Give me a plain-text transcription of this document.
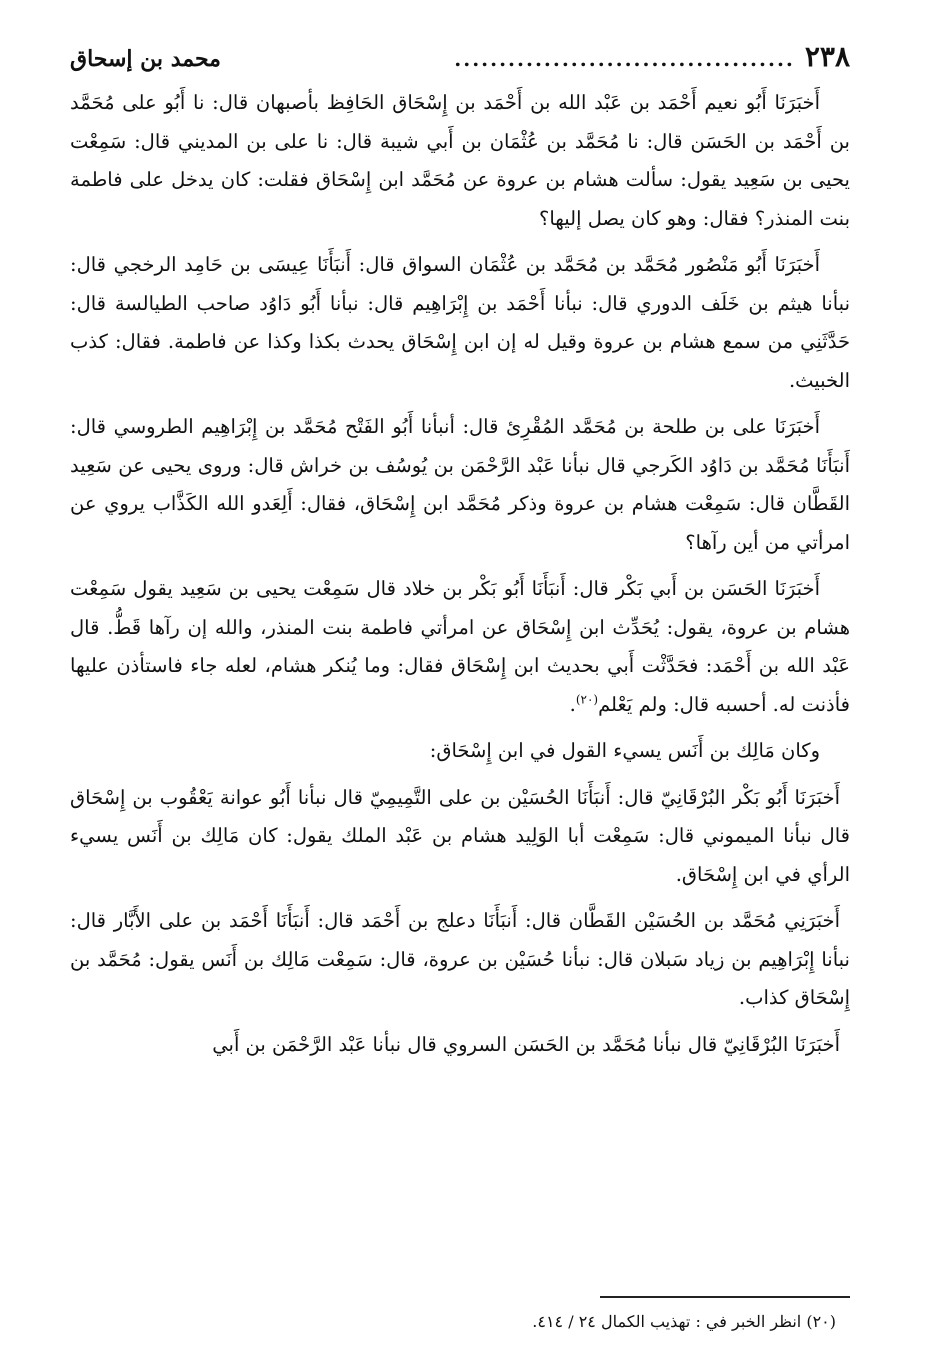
٢٣٨
......................................
محمد بن إسحاق

أَخبَرَنَا أَبُو نعيم أَحْمَد بن عَبْد الله بن أَحْمَد بن إِسْحَاق الحَافِظ بأصبهان قال: نا أَبُو على مُحَمَّد بن أَحْمَد بن الحَسَن قال: نا مُحَمَّد بن عُثْمَان بن أَبي شيبة قال: نا على بن المديني قال: سَمِعْت يحيى بن سَعِيد يقول: سألت هشام بن عروة عن مُحَمَّد ابن إِسْحَاق فقلت: كان يدخل على فاطمة بنت المنذر؟ فقال: وهو كان يصل إليها؟

أَخبَرَنَا أَبُو مَنْصُور مُحَمَّد بن مُحَمَّد بن عُثْمَان السواق قال: أَنبَأَنَا عِيسَى بن حَامِد الرخجي قال: نبأنا هيثم بن خَلَف الدوري قال: نبأنا أَحْمَد بن إِبْرَاهِيم قال: نبأنا أَبُو دَاوُد صاحب الطيالسة قال: حَدَّثَنِي من سمع هشام بن عروة وقيل له إن ابن إِسْحَاق يحدث بكذا وكذا عن فاطمة. فقال: كذب الخبيث.

أَخبَرَنَا على بن طلحة بن مُحَمَّد المُقْرِئ قال: أنبأنا أَبُو الفَتْح مُحَمَّد بن إِبْرَاهِيم الطروسي قال: أَنبَأَنَا مُحَمَّد بن دَاوُد الكَرجي قال نبأنا عَبْد الرَّحْمَن بن يُوسُف بن خراش قال: وروى يحيى عن سَعِيد القَطَّان قال: سَمِعْت هشام بن عروة وذكر مُحَمَّد ابن إِسْحَاق، فقال: أَلِعَدو الله الكَذَّاب يروي عن امرأتي من أين رآها؟

أَخبَرَنَا الحَسَن بن أَبي بَكْر قال: أَنبَأَنَا أَبُو بَكْر بن خلاد قال سَمِعْت يحيى بن سَعِيد يقول سَمِعْت هشام بن عروة، يقول: يُحَدِّث ابن إِسْحَاق عن امرأتي فاطمة بنت المنذر، والله إن رآها قَطُّ. قال عَبْد الله بن أَحْمَد: فحَدَّثْت أَبي بحديث ابن إِسْحَاق فقال: وما يُنكر هشام، لعله جاء فاستأذن عليها فأذنت له. أحسبه قال: ولم يَعْلم$^{(٢٠)}$.

وكان مَالِك بن أَنَس يسيء القول في ابن إِسْحَاق:

أَخبَرَنَا أَبُو بَكْر البُرْقَانِيّ قال: أَنبَأَنَا الحُسَيْن بن على التَّمِيمِيّ قال نبأنا أَبُو عوانة يَعْقُوب بن إِسْحَاق قال نبأنا الميموني قال: سَمِعْت أبا الوَلِيد هشام بن عَبْد الملك يقول: كان مَالِك بن أَنَس يسيء الرأي في ابن إِسْحَاق.

أَخبَرَنِي مُحَمَّد بن الحُسَيْن القَطَّان قال: أَنبَأَنَا دعلج بن أَحْمَد قال: أَنبَأَنَا أَحْمَد بن على الأَبَّار قال: نبأنا إِبْرَاهِيم بن زياد سَبلان قال: نبأنا حُسَيْن بن عروة، قال: سَمِعْت مَالِك بن أَنَس يقول: مُحَمَّد بن إِسْحَاق كذاب.

أَخبَرَنَا البُرْقَانِيّ قال نبأنا مُحَمَّد بن الحَسَن السروي قال نبأنا عَبْد الرَّحْمَن بن أَبي

(٢٠) انظر الخبر في : تهذيب الكمال ٢٤ / ٤١٤.
